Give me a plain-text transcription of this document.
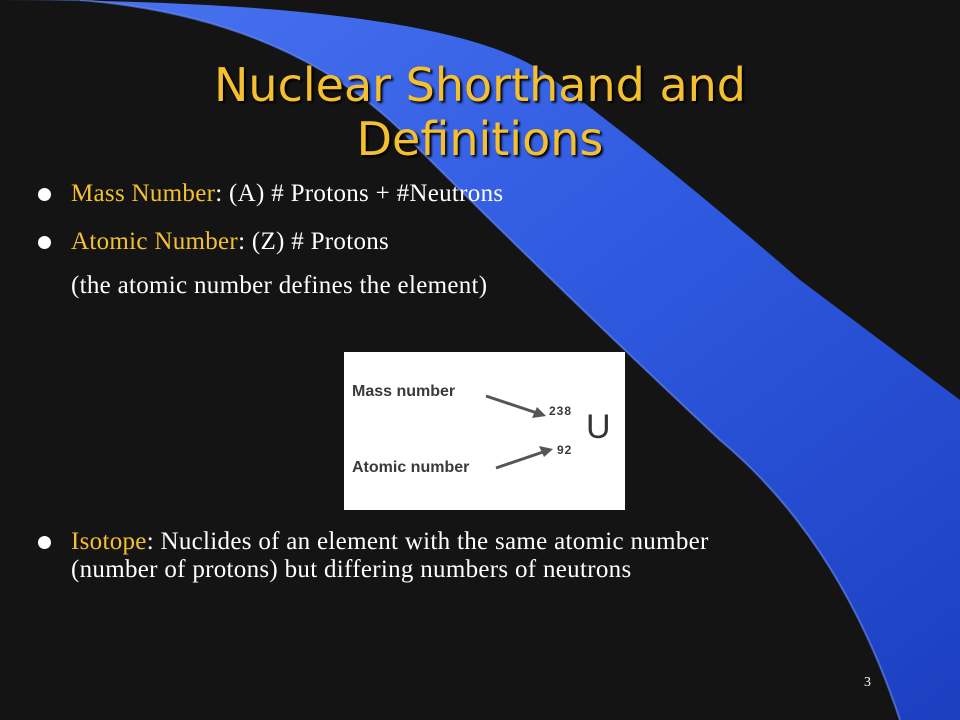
Nuclear Shorthand and Definitions
Mass Number: (A) # Protons + #Neutrons
Atomic Number: (Z) # Protons
(the atomic number defines the element)
Isotope: Nuclides of an element with the same atomic number (number of protons) but differing numbers of neutrons
Mass number
Atomic number
238
92
U
3
